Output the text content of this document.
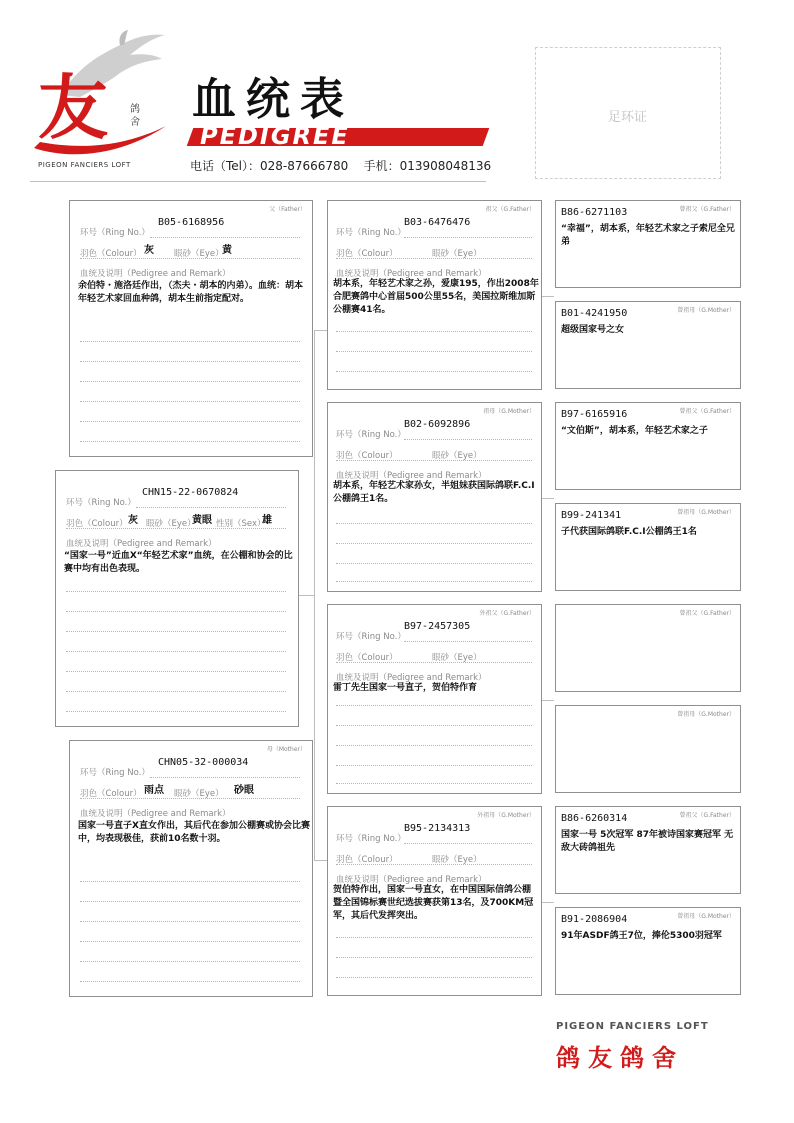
友 鸽舍
PIGEON FANCIERS LOFT
血统表
PEDIGREE
电话（Tel）：028-87666780    手机：013908048136
足环证
父（Father）
B05-6168956
环号（Ring No.）
羽色（Colour） 灰 眼砂（Eye）
黄
血统及说明（Pedigree and Remark）
余伯特・施洛廷作出，（杰夫・胡本的内弟）。血统：胡本年轻艺术家回血种鸽，胡本生前指定配对。
CHN15-22-0670824
环号（Ring No.）
羽色（Colour） 灰 眼砂（Eye）
黄眼 性别（Sex）
雄
血统及说明（Pedigree and Remark）
“国家一号”近血X“年轻艺术家”血统，在公棚和协会的比赛中均有出色表现。
母（Mother）
CHN05-32-000034
环号（Ring No.）
雨点	砂眼
羽色（Colour）	眼砂（Eye）
血统及说明（Pedigree and Remark）
国家一号直子X直女作出，其后代在参加公棚赛或协会比赛中，均表现极佳，获前10名数十羽。
祖父（G.Father）
B03-6476476
环号（Ring No.）
羽色（Colour）	眼砂（Eye）
血统及说明（Pedigree and Remark）
胡本系，年轻艺术家之孙，爱康195，作出2008年合肥赛鸽中心首届500公里55名，美国拉斯维加斯公棚赛41名。
祖母（G.Mother）
B02-6092896
环号（Ring No.）
羽色（Colour）	眼砂（Eye）
血统及说明（Pedigree and Remark）
胡本系，年轻艺术家孙女，半姐妹获国际鸽联F.C.I公棚鸽王1名。
外祖父（G.Father）
B97-2457305
环号（Ring No.）
羽色（Colour）	眼砂（Eye）
血统及说明（Pedigree and Remark）
雷丁先生国家一号直子，贺伯特作育
外祖母（G.Mother）
B95-2134313
环号（Ring No.）
羽色（Colour）	眼砂（Eye）
血统及说明（Pedigree and Remark）
贺伯特作出，国家一号直女，在中国国际信鸽公棚暨全国锦标赛世纪选拔赛获第13名，及700KM冠军，其后代发挥突出。
曾祖父（G.Father）
B86-6271103
“幸福”，胡本系，年轻艺术家之子索尼全兄弟
曾祖母（G.Mother）
B01-4241950
超级国家号之女
曾祖父（G.Father）
B97-6165916
“文伯斯”，胡本系，年轻艺术家之子
曾祖母（G.Mother）
B99-241341
子代获国际鸽联F.C.I公棚鸽王1名
曾祖父（G.Father）
曾祖母（G.Mother）
曾祖父（G.Father）
B86-6260314
国家一号 5次冠军 87年被诗国家赛冠军 无敌大砖鸽祖先
曾祖母（G.Mother）
B91-2086904
91年ASDF鸽王7位，捧伦5300羽冠军
PIGEON FANCIERS LOFT
鸽友鸽舍
